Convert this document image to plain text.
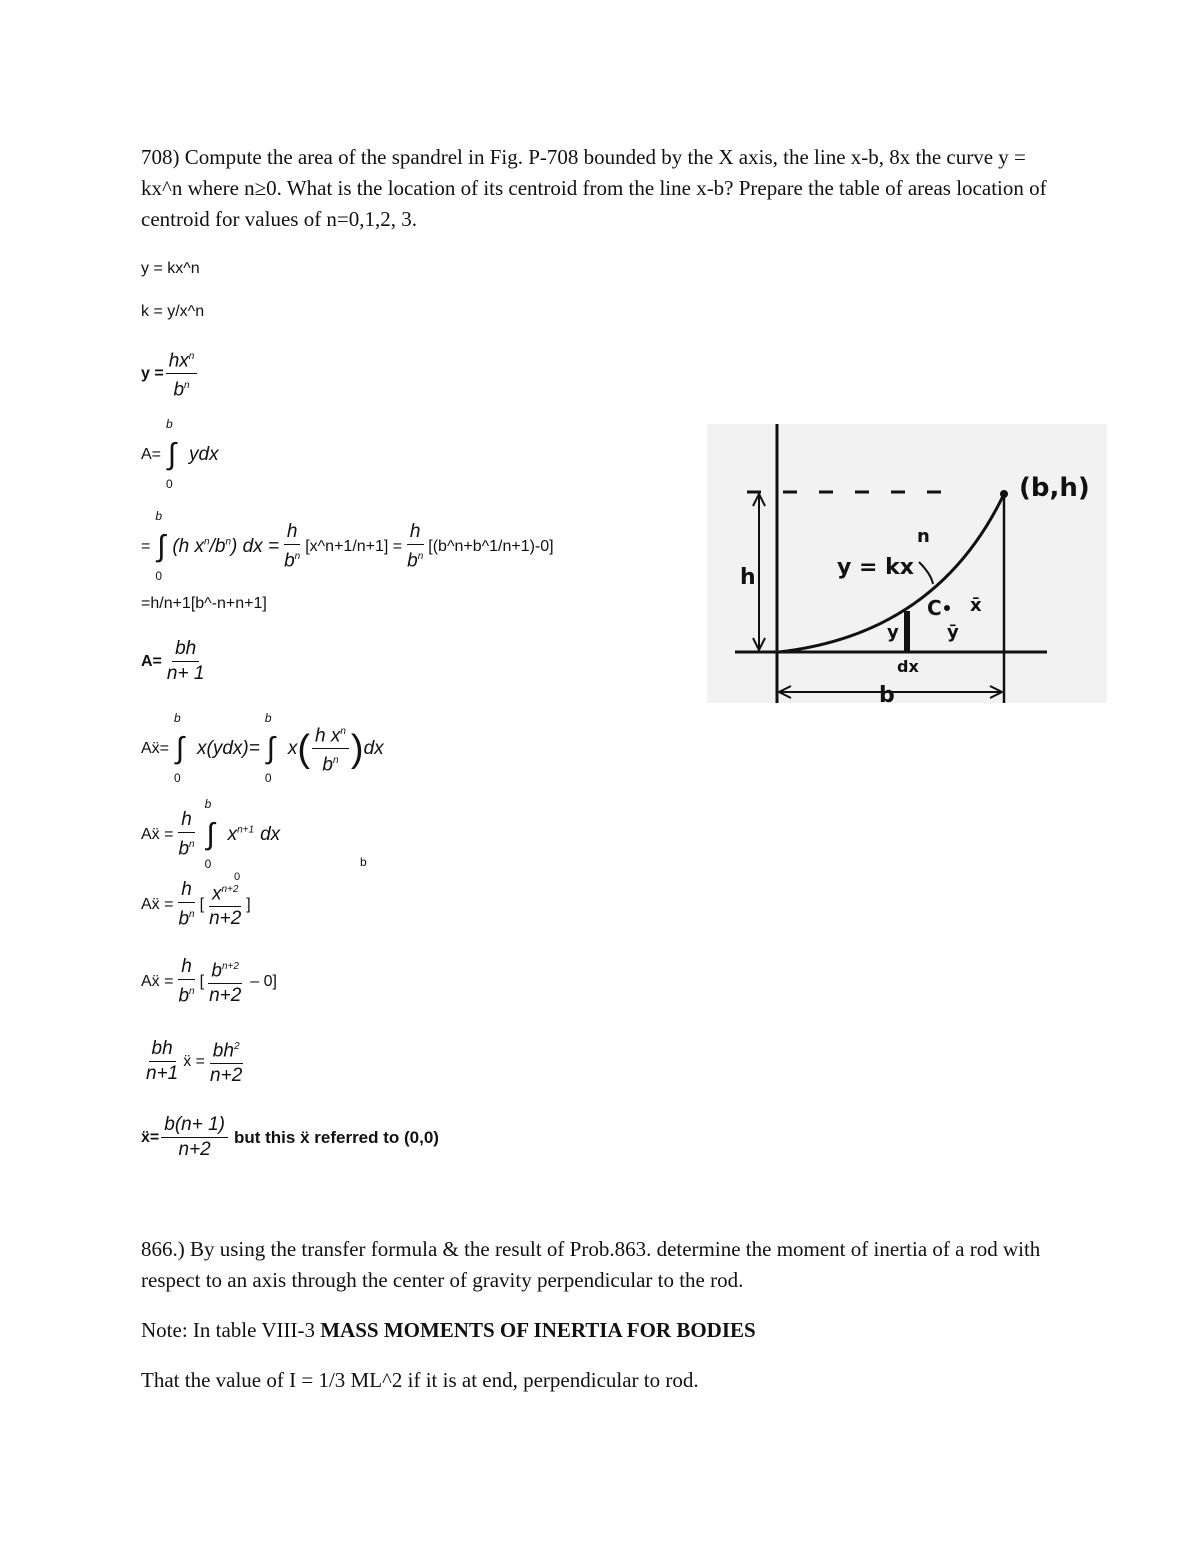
708) Compute the area of the spandrel in Fig. P-708 bounded by the X axis, the line x-b, 8x the curve y = kx^n where n≥0. What is the location of its centroid from the line x-b? Prepare the table of areas location of centroid for values of n=0,1,2, 3.
y = kx^n
k = y/x^n
$y = \frac{hx^n}{b^n}$
A= ∫
b
0
ydx
= ∫
b
0
(h $x^n/b^n$) dx = $\frac{h}{b^n}$ [x^n+1/n+1] = $\frac{h}{b^n}$ [(b^n+b^1/n+1)-0]
=h/n+1[b^-n+n+1]
$A= \frac{bh}{n+ 1}$
Aẍ= ∫
b
0
x(ydx)= ∫
b
0
x ( $\frac{h x^n}{b^n}$ ) dx
Aẍ = $\frac{h}{b^n}$ ∫
b
0
$x^{n+1}$ dx
b
Aẍ = $\frac{h}{b^n}$ [ $\frac{x^{n+2}}{n+2}$ ]
0
Aẍ = $\frac{h}{b^n}$ [ $\frac{b^{n+2}}{n+2} - 0$]
$\frac{bh}{n+1}$ ẍ = $\frac{bh^2}{n+2}$
ẍ= $\frac{b(n+ 1)}{n+2}$ but this ẍ referred to (0,0)
866.) By using the transfer formula & the result of Prob.863. determine the moment of inertia of a rod with respect to an axis through the center of gravity perpendicular to the rod.
Note: In table VIII-3 MASS MOMENTS OF INERTIA FOR BODIES
That the value of I = 1/3 ML^2 if it is at end, perpendicular to rod.
(b,h)
h	y = kx
n
C x̄
ȳ
y
dx
b
